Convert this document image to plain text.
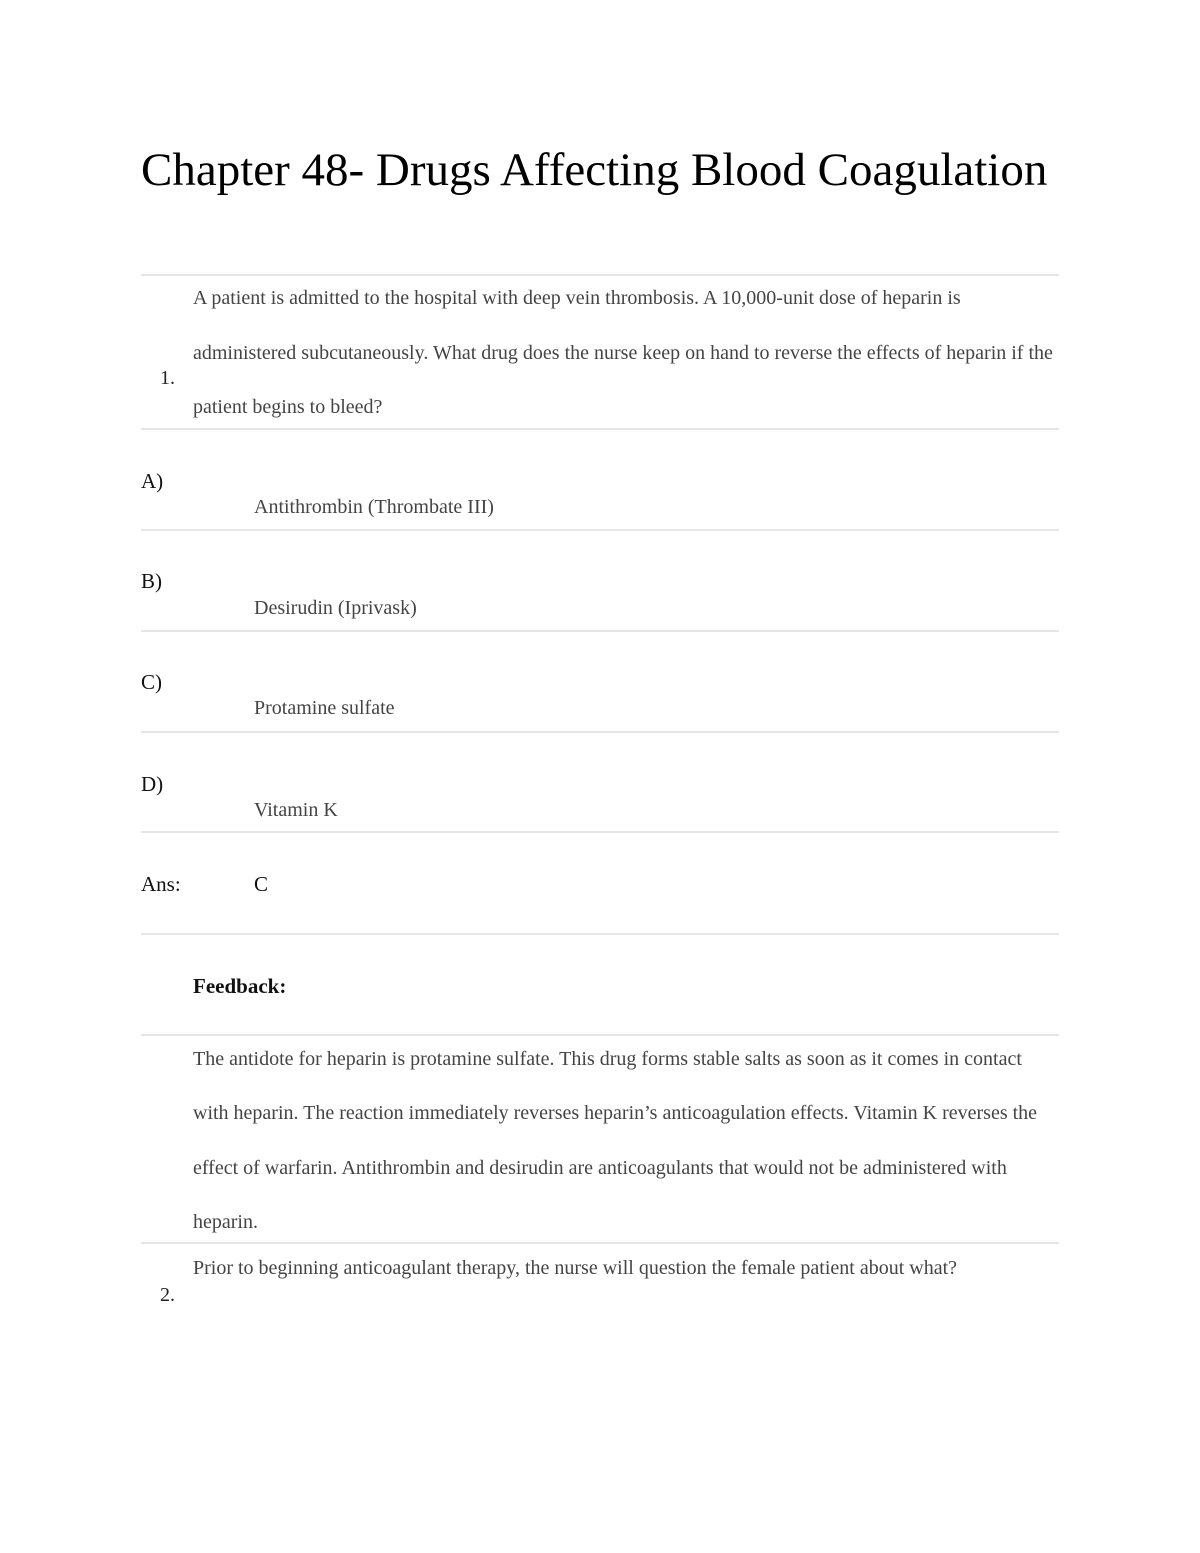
Chapter 48- Drugs Affecting Blood Coagulation
1.

A patient is admitted to the hospital with deep vein thrombosis. A 10,000-unit dose of heparin is administered subcutaneously. What drug does the nurse keep on hand to reverse the effects of heparin if the patient begins to bleed?

A)
Antithrombin (Thrombate III)
B)
Desirudin (Iprivask)
C)
Protamine sulfate
D)
Vitamin K
Ans:	C
Feedback:

The antidote for heparin is protamine sulfate. This drug forms stable salts as soon as it comes in contact with heparin. The reaction immediately reverses heparin’s anticoagulation effects. Vitamin K reverses the effect of warfarin. Antithrombin and desirudin are anticoagulants that would not be administered with heparin.

2.

Prior to beginning anticoagulant therapy, the nurse will question the female patient about what?
